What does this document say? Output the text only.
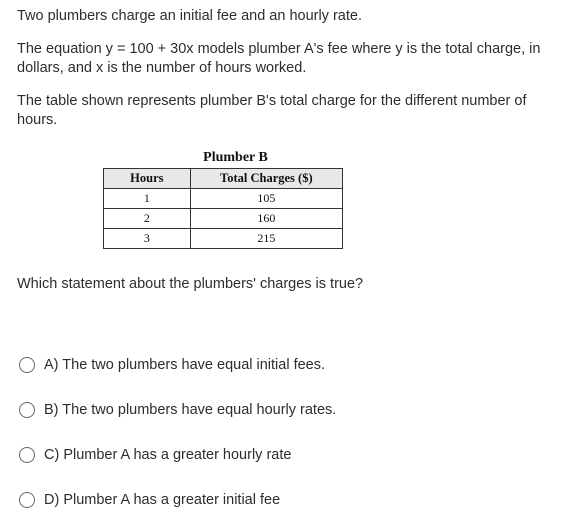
Two plumbers charge an initial fee and an hourly rate.

The equation y = 100 + 30x models plumber A's fee where y is the total charge, in dollars, and x is the number of hours worked.

The table shown represents plumber B's total charge for the different number of hours.

Plumber B
Hours	Total Charges ($)
1	105
2	160
3	215

Which statement about the plumbers' charges is true?

A) The two plumbers have equal initial fees.
B) The two plumbers have equal hourly rates.
C) Plumber A has a greater hourly rate
D) Plumber A has a greater initial fee
